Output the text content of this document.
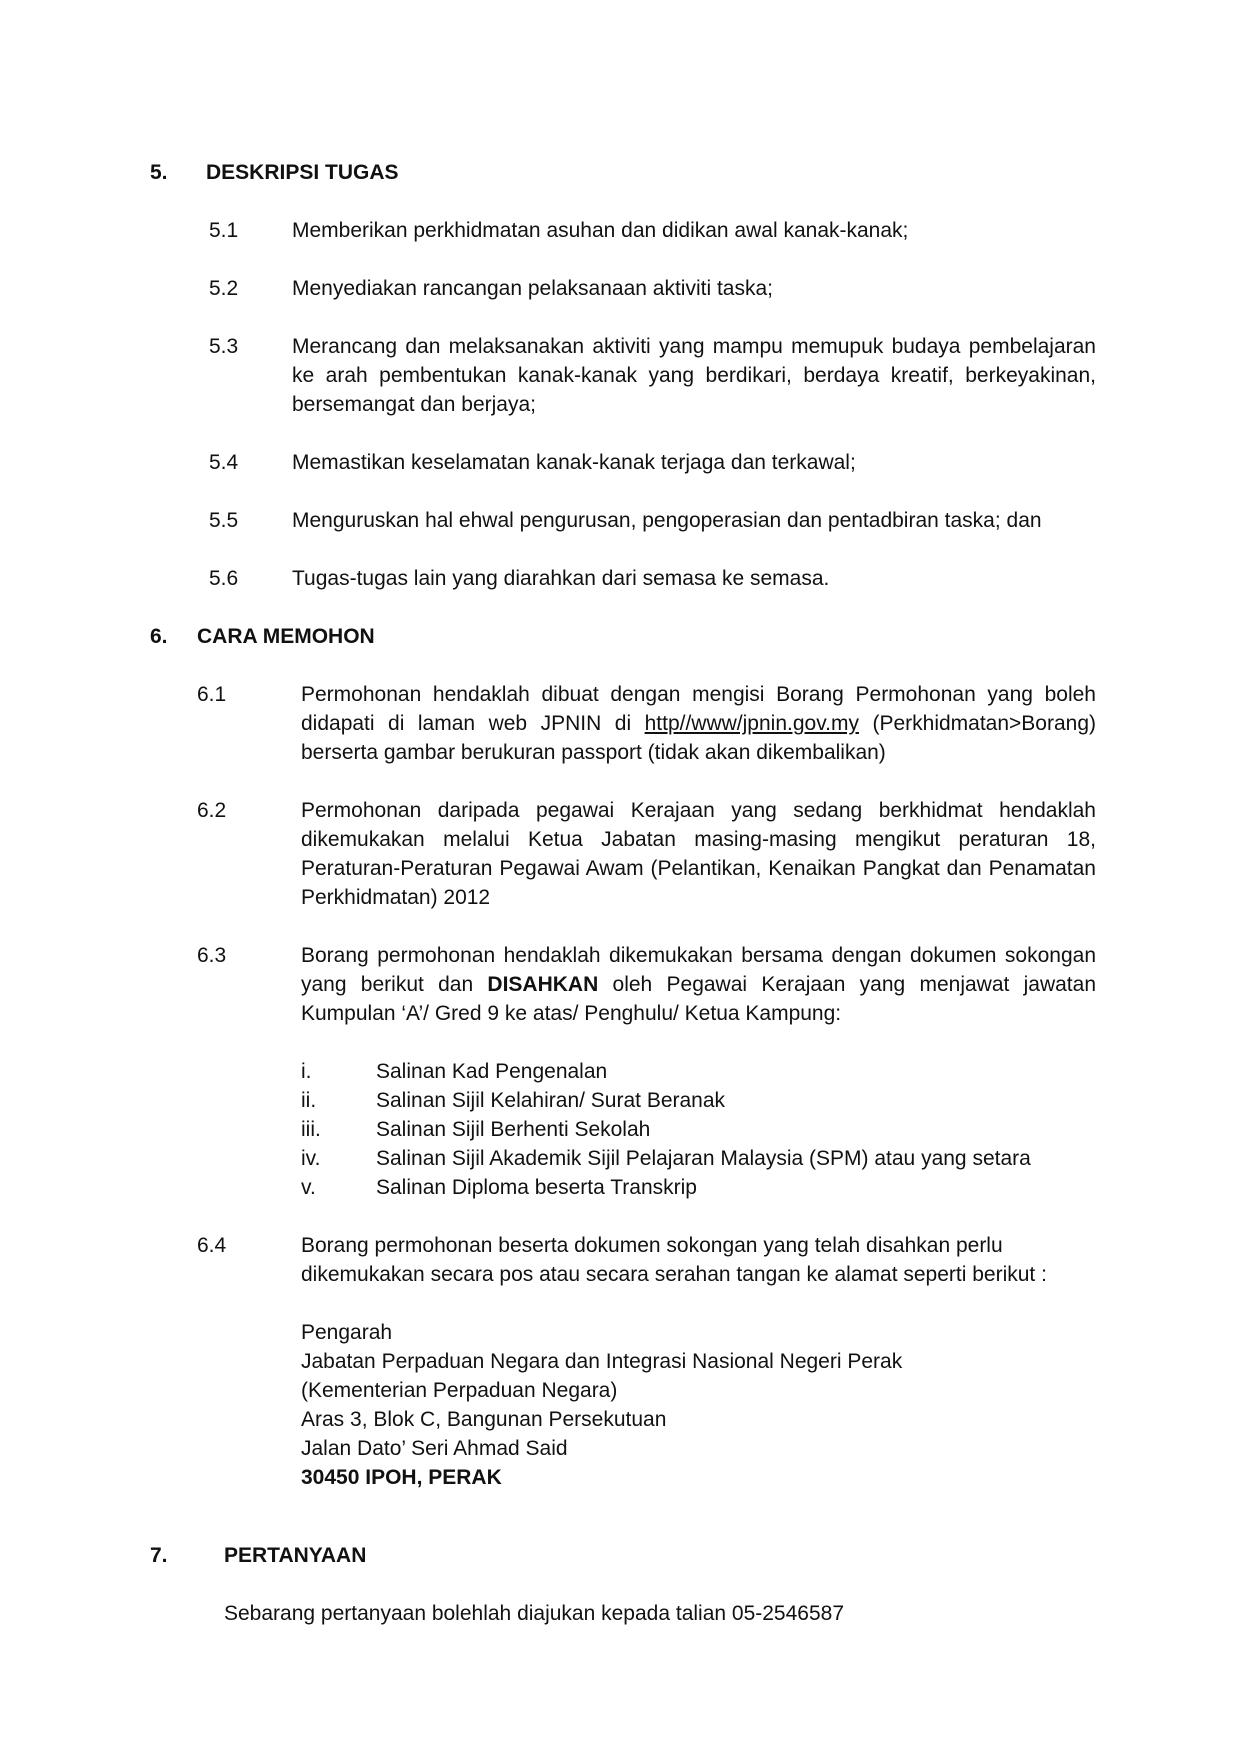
5. DESKRIPSI TUGAS
5.1	Memberikan perkhidmatan asuhan dan didikan awal kanak-kanak;
5.2	Menyediakan rancangan pelaksanaan aktiviti taska;
5.3	Merancang dan melaksanakan aktiviti yang mampu memupuk budaya pembelajaran ke arah pembentukan kanak-kanak yang berdikari, berdaya kreatif, berkeyakinan, bersemangat dan berjaya;
5.4	Memastikan keselamatan kanak-kanak terjaga dan terkawal;
5.5	Menguruskan hal ehwal pengurusan, pengoperasian dan pentadbiran taska; dan
5.6	Tugas-tugas lain yang diarahkan dari semasa ke semasa.
6. CARA MEMOHON
6.1	Permohonan hendaklah dibuat dengan mengisi Borang Permohonan yang boleh didapati di laman web JPNIN di http//www/jpnin.gov.my (Perkhidmatan>Borang) berserta gambar berukuran passport (tidak akan dikembalikan)
6.2	Permohonan daripada pegawai Kerajaan yang sedang berkhidmat hendaklah dikemukakan melalui Ketua Jabatan masing-masing mengikut peraturan 18, Peraturan-Peraturan Pegawai Awam (Pelantikan, Kenaikan Pangkat dan Penamatan Perkhidmatan) 2012
6.3	Borang permohonan hendaklah dikemukakan bersama dengan dokumen sokongan yang berikut dan DISAHKAN oleh Pegawai Kerajaan yang menjawat jawatan Kumpulan ‘A’/ Gred 9 ke atas/ Penghulu/ Ketua Kampung:
i.	Salinan Kad Pengenalan
ii.	Salinan Sijil Kelahiran/ Surat Beranak
iii.	Salinan Sijil Berhenti Sekolah
iv.	Salinan Sijil Akademik Sijil Pelajaran Malaysia (SPM) atau yang setara
v.	Salinan Diploma beserta Transkrip
6.4	Borang permohonan beserta dokumen sokongan yang telah disahkan perlu dikemukakan secara pos atau secara serahan tangan ke alamat seperti berikut :
Pengarah
Jabatan Perpaduan Negara dan Integrasi Nasional Negeri Perak
(Kementerian Perpaduan Negara)
Aras 3, Blok C, Bangunan Persekutuan
Jalan Dato’ Seri Ahmad Said
30450 IPOH, PERAK
7.	PERTANYAAN
Sebarang pertanyaan bolehlah diajukan kepada talian 05-2546587
